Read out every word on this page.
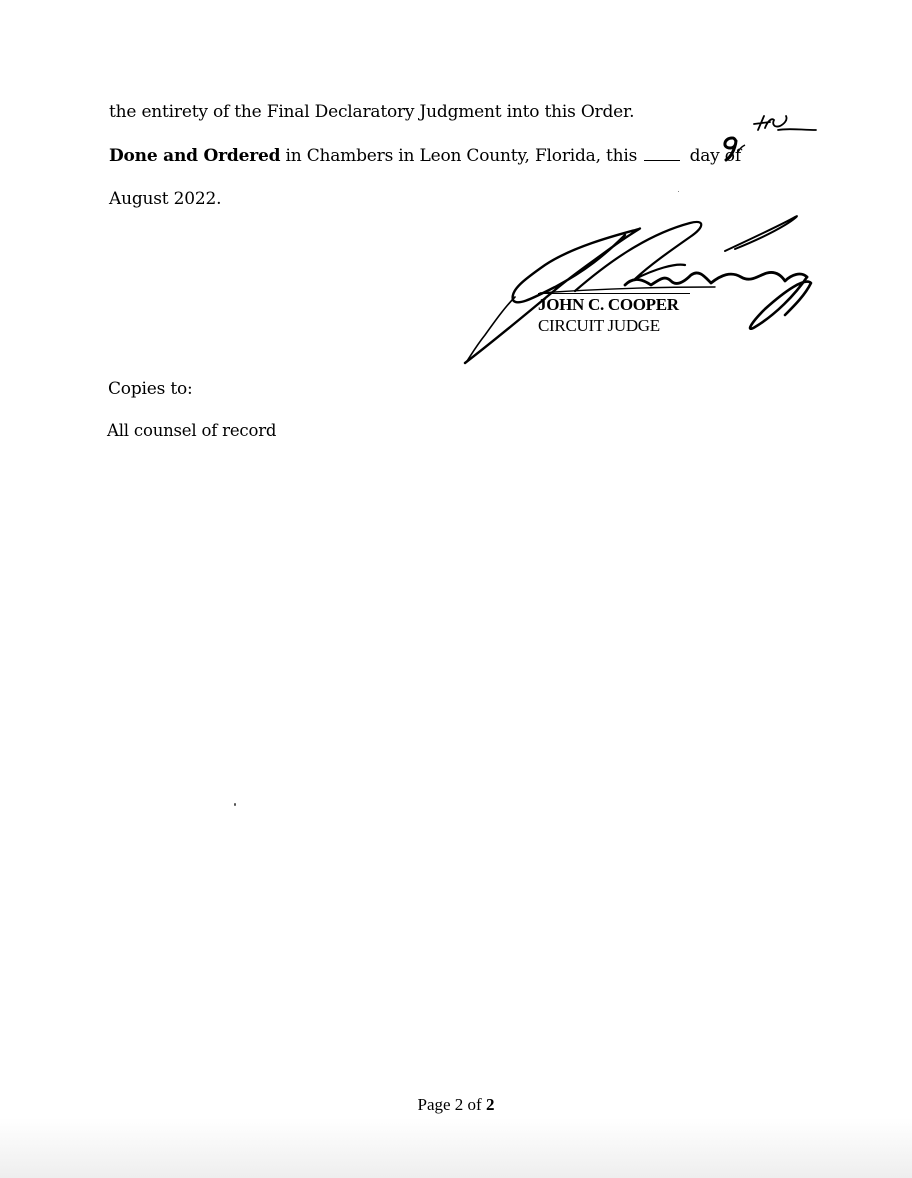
the entirety of the Final Declaratory Judgment into this Order.

Done and Ordered in Chambers in Leon County, Florida, this  day of

August 2022.

JOHN C. COOPER
CIRCUIT JUDGE

Copies to:

All counsel of record

Page 2 of 2
